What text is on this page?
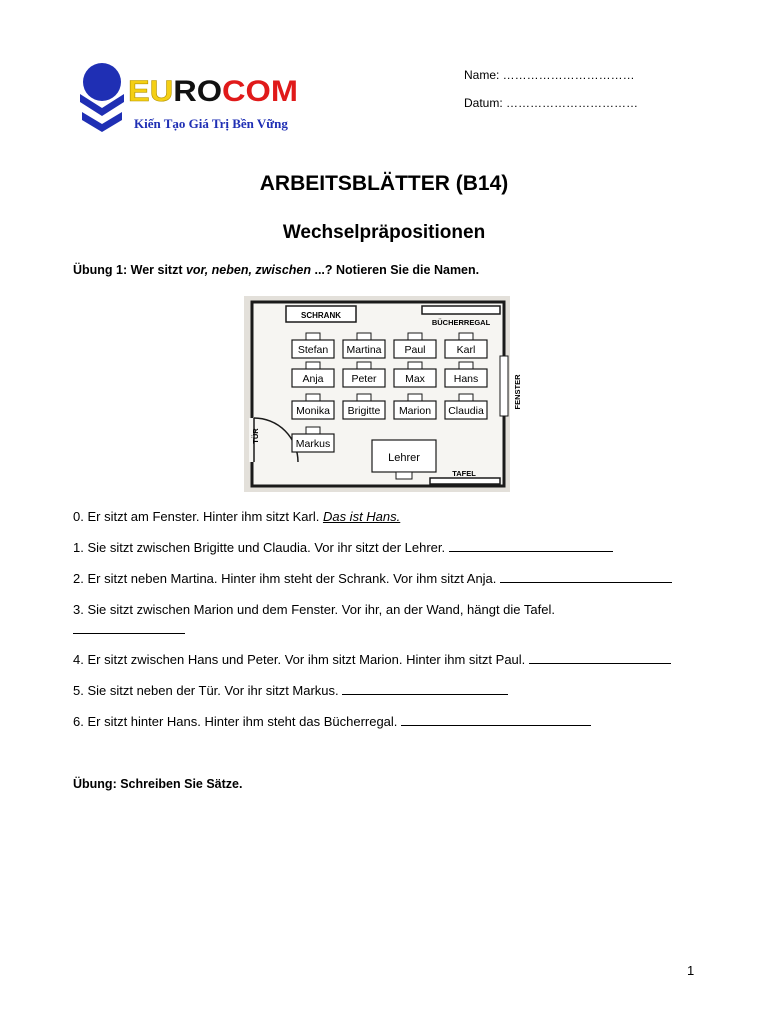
EU RO COM
Kiến Tạo Giá Trị Bền Vững
Name: ……………………………
Datum: ……………………………
ARBEITSBLÄTTER (B14)
Wechselpräpositionen
Übung 1: Wer sitzt vor, neben, zwischen ...? Notieren Sie die Namen.
SCHRANK
BÜCHERREGAL
FENSTER
TÜR
TAFEL
Lehrer
Stefan Martina Paul	Karl
Anja	Peter	Max	Hans
Monika Brigitte Marion Claudia
Markus
0. Er sitzt am Fenster. Hinter ihm sitzt Karl. Das ist Hans.
1. Sie sitzt zwischen Brigitte und Claudia. Vor ihr sitzt der Lehrer.
2. Er sitzt neben Martina. Hinter ihm steht der Schrank. Vor ihm sitzt Anja.
3. Sie sitzt zwischen Marion und dem Fenster. Vor ihr, an der Wand, hängt die Tafel.
4. Er sitzt zwischen Hans und Peter. Vor ihm sitzt Marion. Hinter ihm sitzt Paul.
5. Sie sitzt neben der Tür. Vor ihr sitzt Markus.
6. Er sitzt hinter Hans. Hinter ihm steht das Bücherregal.
Übung: Schreiben Sie Sätze.
1
